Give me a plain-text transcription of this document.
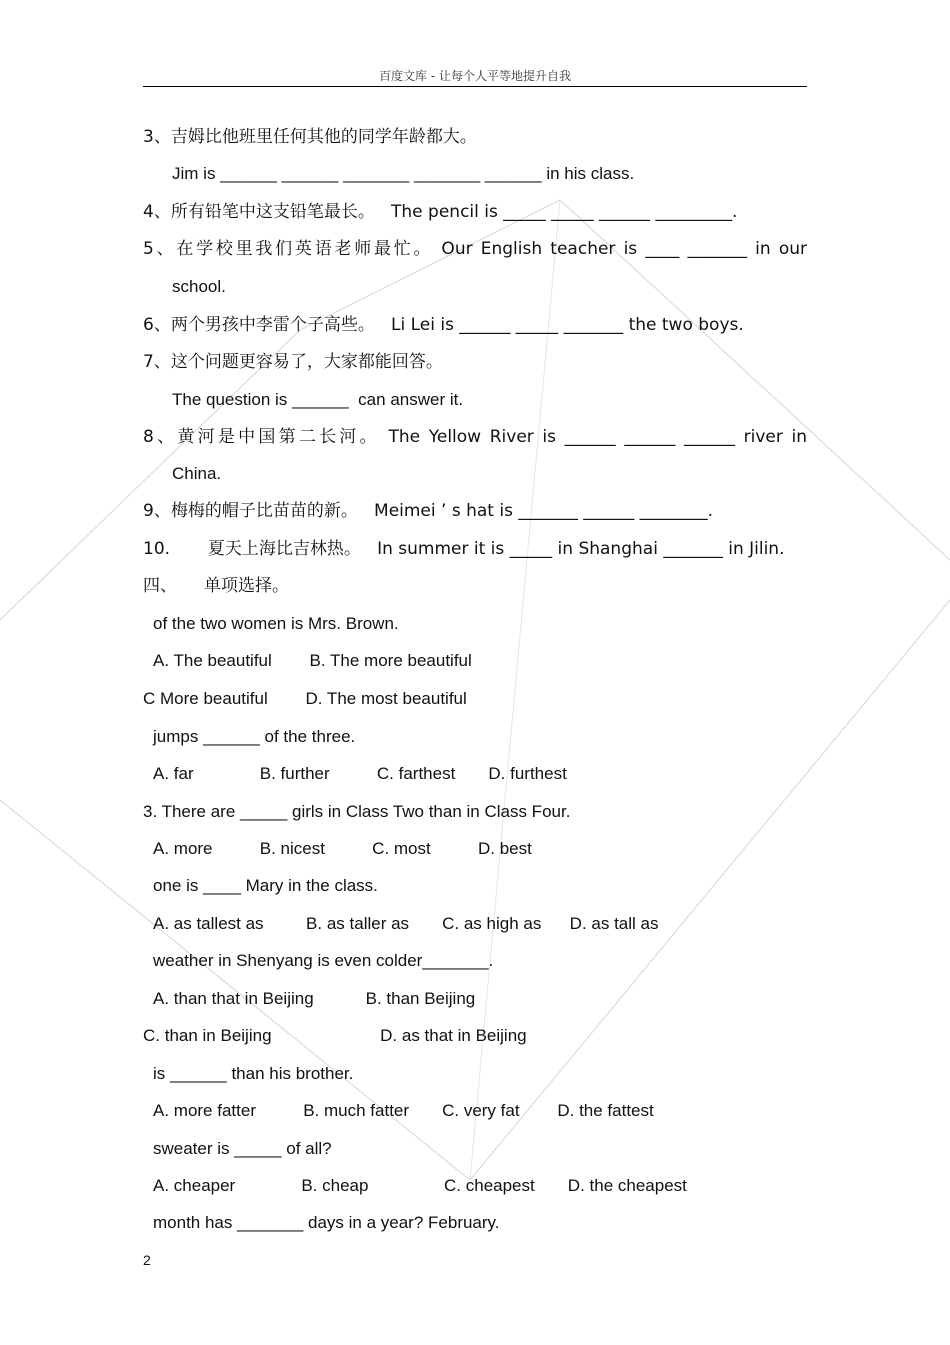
百度文库 - 让每个人平等地提升自我
3、吉姆比他班里任何其他的同学年龄都大。
Jim is ______ ______ _______ _______ ______ in his class.
4、所有铅笔中这支铅笔最长。   The pencil is _____ _____ ______ _________.
5、在学校里我们英语老师最忙。 Our English teacher is ____ _______ in our
school.
6、两个男孩中李雷个子高些。   Li Lei is ______ _____ _______ the two boys.
7、这个问题更容易了，大家都能回答。
The question is ______  can answer it.
8、黄河是中国第二长河。 The Yellow River is ______ ______ ______ river in
China.
9、梅梅的帽子比苗苗的新。   Meimei ’ s hat is _______ ______ ________.
10.       夏天上海比吉林热。   In summer it is _____ in Shanghai _______ in Jilin.
四、     单项选择。
of the two women is Mrs. Brown.
A. The beautiful        B. The more beautiful
C More beautiful        D. The most beautiful
jumps ______ of the three.
A. far              B. further          C. farthest       D. furthest
3. There are _____ girls in Class Two than in Class Four.
A. more          B. nicest          C. most          D. best
one is ____ Mary in the class.
A. as tallest as         B. as taller as       C. as high as      D. as tall as
weather in Shenyang is even colder_______.
A. than that in Beijing           B. than Beijing
C. than in Beijing                       D. as that in Beijing
is ______ than his brother.
A. more fatter          B. much fatter       C. very fat        D. the fattest
sweater is _____ of all?
A. cheaper              B. cheap                C. cheapest       D. the cheapest
month has _______ days in a year? February.
2
